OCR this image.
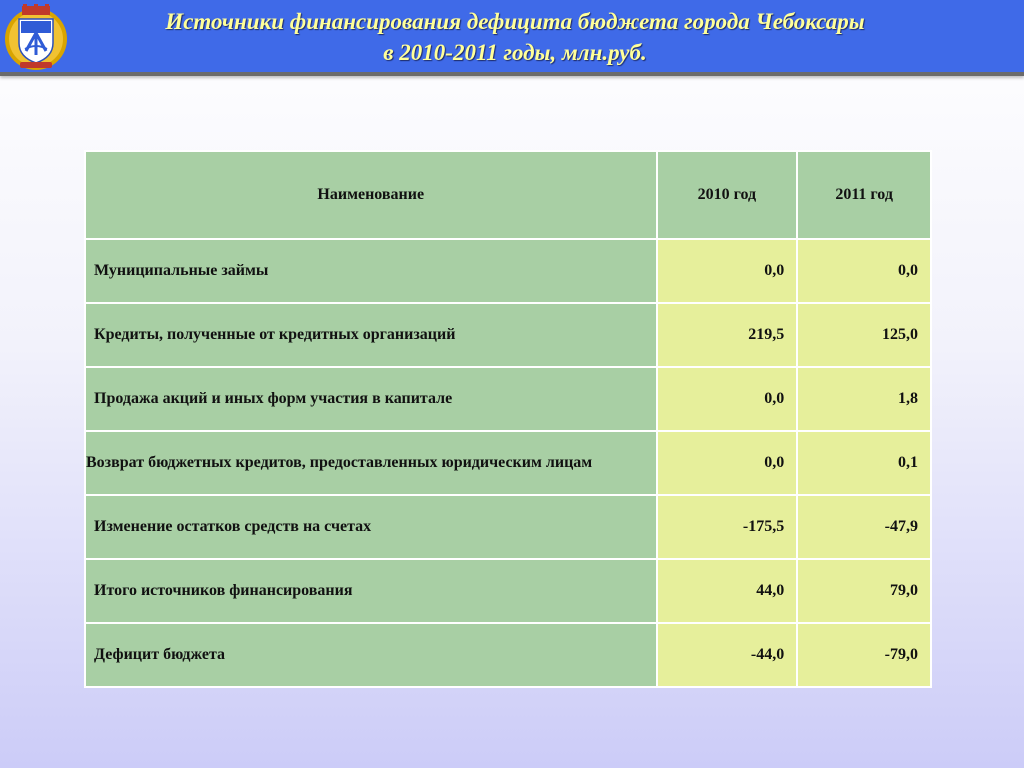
Источники финансирования дефицита бюджета города Чебоксары
в 2010-2011 годы, млн.руб.
Наименование	2010 год	2011 год
Муниципальные займы	0,0	0,0
Кредиты, полученные от кредитных организаций	219,5	125,0
Продажа акций и иных форм участия в капитале	0,0	1,8
Возврат бюджетных кредитов, предоставленных юридическим лицам	0,0	0,1
Изменение остатков средств на счетах	-175,5	-47,9
Итого источников финансирования	44,0	79,0
Дефицит бюджета	-44,0	-79,0
